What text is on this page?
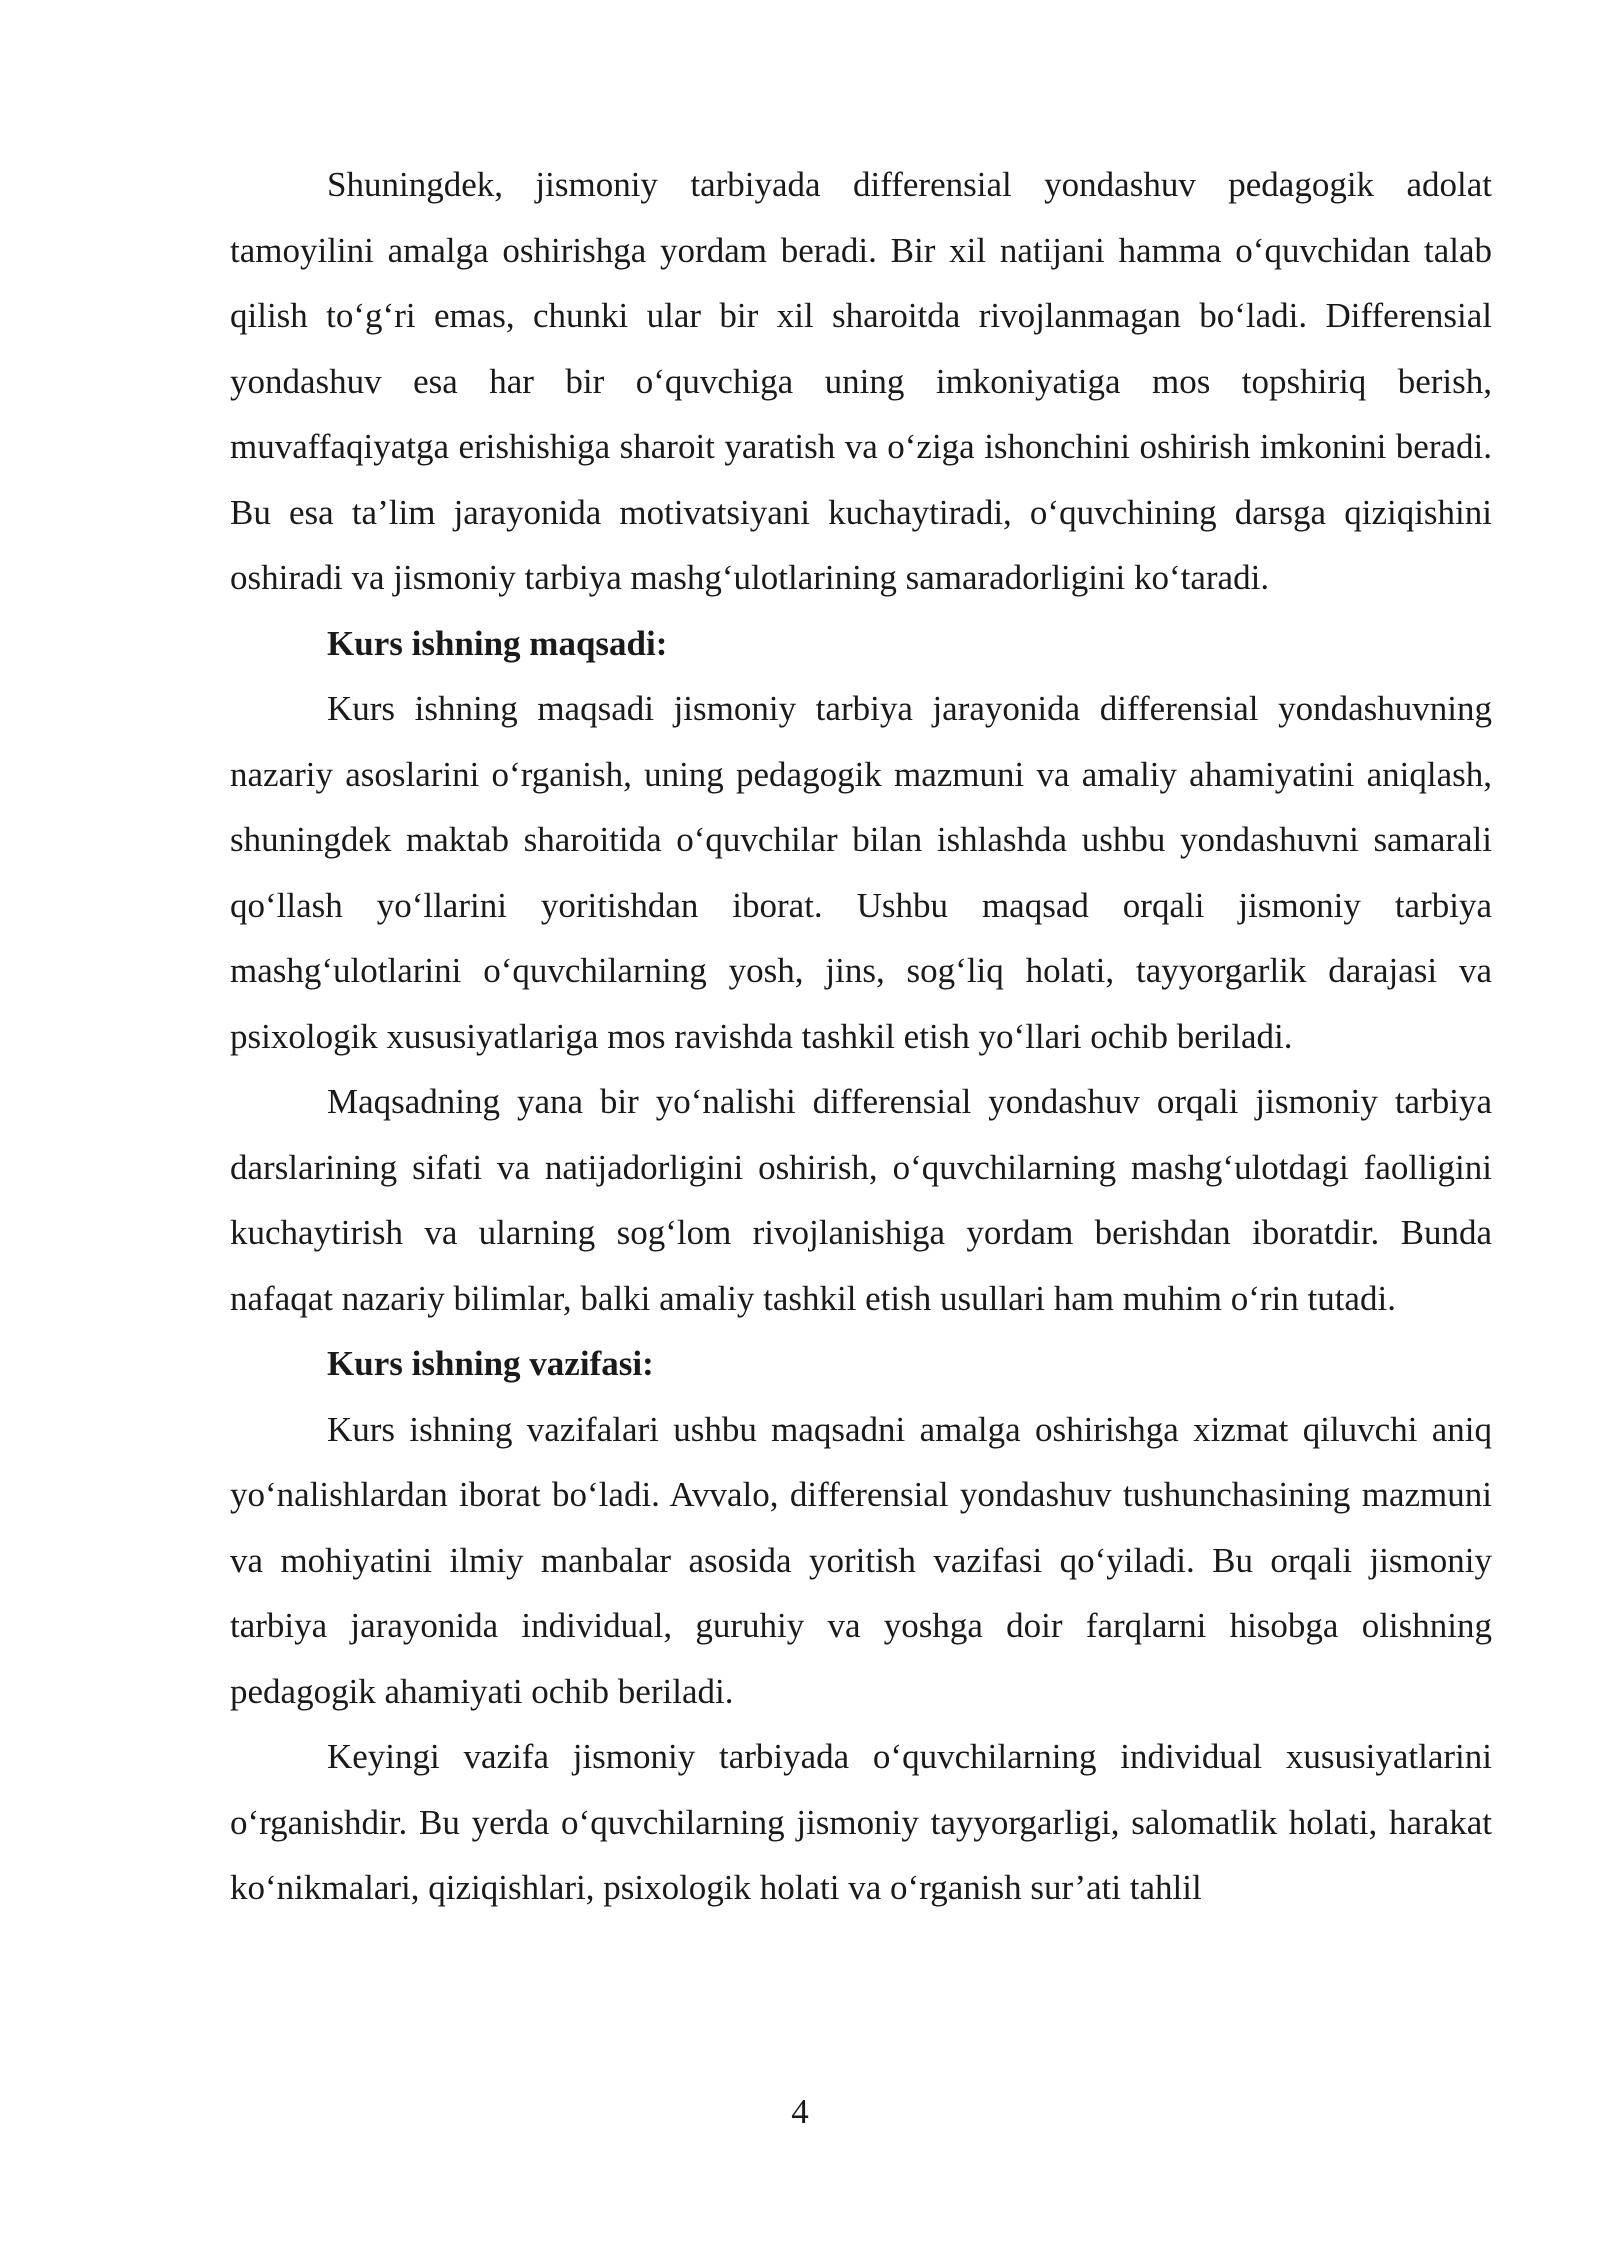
Shuningdek, jismoniy tarbiyada differensial yondashuv pedagogik adolat tamoyilini amalga oshirishga yordam beradi. Bir xil natijani hamma o‘quvchidan talab qilish to‘g‘ri emas, chunki ular bir xil sharoitda rivojlanmagan bo‘ladi. Differensial yondashuv esa har bir o‘quvchiga uning imkoniyatiga mos topshiriq berish, muvaffaqiyatga erishishiga sharoit yaratish va o‘ziga ishonchini oshirish imkonini beradi. Bu esa ta’lim jarayonida motivatsiyani kuchaytiradi, o‘quvchining darsga qiziqishini oshiradi va jismoniy tarbiya mashg‘ulotlarining samaradorligini ko‘taradi.

Kurs ishning maqsadi:

Kurs ishning maqsadi jismoniy tarbiya jarayonida differensial yondashuvning nazariy asoslarini o‘rganish, uning pedagogik mazmuni va amaliy ahamiyatini aniqlash, shuningdek maktab sharoitida o‘quvchilar bilan ishlashda ushbu yondashuvni samarali qo‘llash yo‘llarini yoritishdan iborat. Ushbu maqsad orqali jismoniy tarbiya mashg‘ulotlarini o‘quvchilarning yosh, jins, sog‘liq holati, tayyorgarlik darajasi va psixologik xususiyatlariga mos ravishda tashkil etish yo‘llari ochib beriladi.

Maqsadning yana bir yo‘nalishi differensial yondashuv orqali jismoniy tarbiya darslarining sifati va natijadorligini oshirish, o‘quvchilarning mashg‘ulotdagi faolligini kuchaytirish va ularning sog‘lom rivojlanishiga yordam berishdan iboratdir. Bunda nafaqat nazariy bilimlar, balki amaliy tashkil etish usullari ham muhim o‘rin tutadi.

Kurs ishning vazifasi:

Kurs ishning vazifalari ushbu maqsadni amalga oshirishga xizmat qiluvchi aniq yo‘nalishlardan iborat bo‘ladi. Avvalo, differensial yondashuv tushunchasining mazmuni va mohiyatini ilmiy manbalar asosida yoritish vazifasi qo‘yiladi. Bu orqali jismoniy tarbiya jarayonida individual, guruhiy va yoshga doir farqlarni hisobga olishning pedagogik ahamiyati ochib beriladi.

Keyingi vazifa jismoniy tarbiyada o‘quvchilarning individual xususiyatlarini o‘rganishdir. Bu yerda o‘quvchilarning jismoniy tayyorgarligi, salomatlik holati, harakat ko‘nikmalari, qiziqishlari, psixologik holati va o‘rganish sur’ati tahlil

4
